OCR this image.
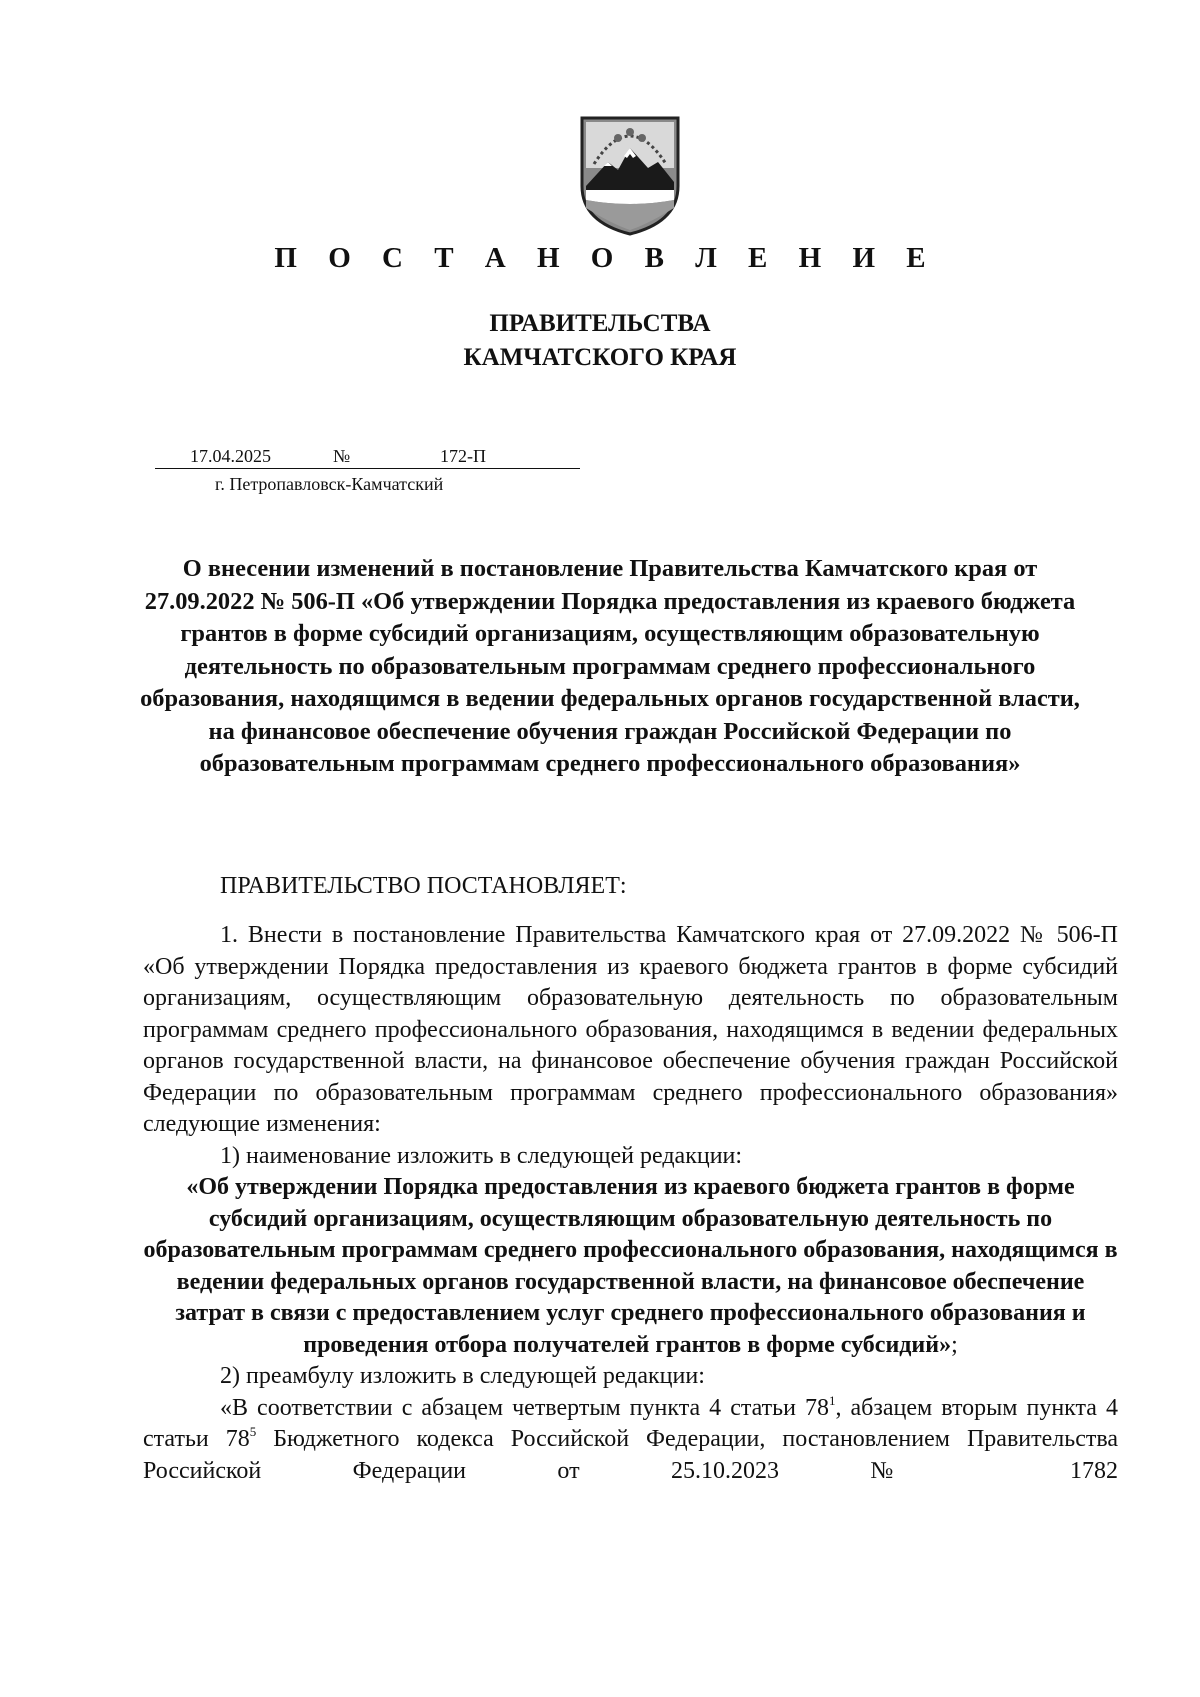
П О С Т А Н О В Л Е Н И Е
ПРАВИТЕЛЬСТВА
КАМЧАТСКОГО КРАЯ
17.04.2025	№	172-П
г. Петропавловск-Камчатский
О внесении изменений в постановление Правительства Камчатского края от 27.09.2022 № 506-П «Об утверждении Порядка предоставления из краевого бюджета грантов в форме субсидий организациям, осуществляющим образовательную деятельность по образовательным программам среднего профессионального образования, находящимся в ведении федеральных органов государственной власти, на финансовое обеспечение обучения граждан Российской Федерации по образовательным программам среднего профессионального образования»
ПРАВИТЕЛЬСТВО ПОСТАНОВЛЯЕТ:

1. Внести в постановление Правительства Камчатского края от 27.09.2022 № 506-П «Об утверждении Порядка предоставления из краевого бюджета грантов в форме субсидий организациям, осуществляющим образовательную деятельность по образовательным программам среднего профессионального образования, находящимся в ведении федеральных органов государственной власти, на финансовое обеспечение обучения граждан Российской Федерации по образовательным программам среднего профессионального образования» следующие изменения:

1) наименование изложить в следующей редакции:

«Об утверждении Порядка предоставления из краевого бюджета грантов в форме субсидий организациям, осуществляющим образовательную деятельность по образовательным программам среднего профессионального образования, находящимся в ведении федеральных органов государственной власти, на финансовое обеспечение затрат в связи с предоставлением услуг среднего профессионального образования и проведения отбора получателей грантов в форме субсидий»;

2) преамбулу изложить в следующей редакции:

«В соответствии с абзацем четвертым пункта 4 статьи $78^1$, абзацем вторым пункта 4 статьи $78^5$ Бюджетного кодекса Российской Федерации, постановлением Правительства Российской Федерации от 25.10.2023 № 1782
